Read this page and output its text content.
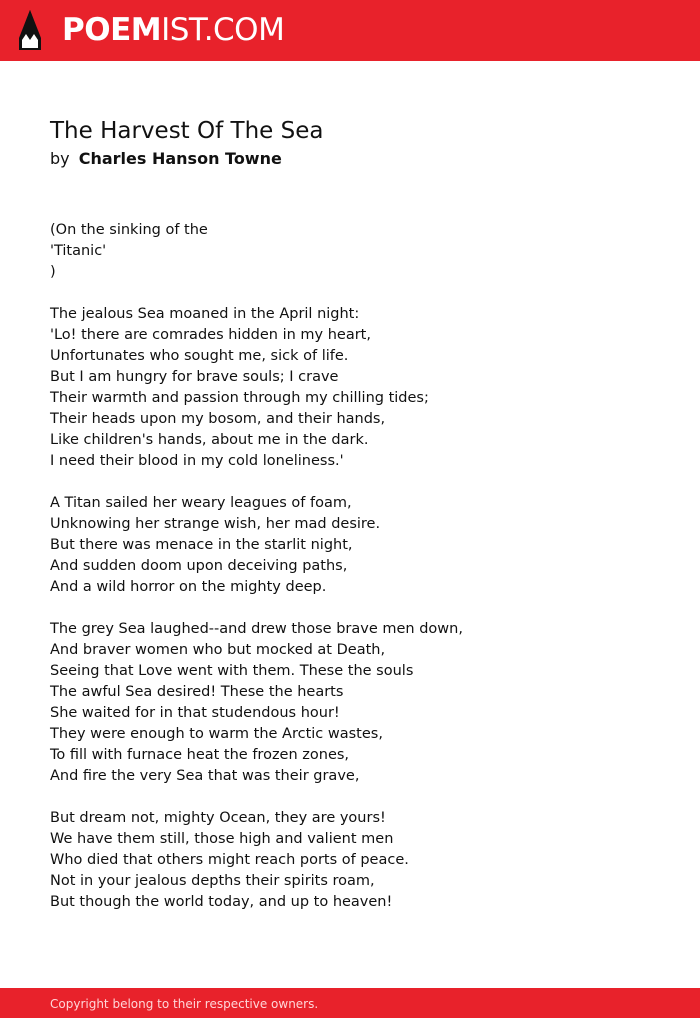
POEMIST.COM
The Harvest Of The Sea
by Charles Hanson Towne
(On the sinking of the
'Titanic'
)
The jealous Sea moaned in the April night:
'Lo! there are comrades hidden in my heart,
Unfortunates who sought me, sick of life.
But I am hungry for brave souls; I crave
Their warmth and passion through my chilling tides;
Their heads upon my bosom, and their hands,
Like children's hands, about me in the dark.
I need their blood in my cold loneliness.'
A Titan sailed her weary leagues of foam,
Unknowing her strange wish, her mad desire.
But there was menace in the starlit night,
And sudden doom upon deceiving paths,
And a wild horror on the mighty deep.
The grey Sea laughed--and drew those brave men down,
And braver women who but mocked at Death,
Seeing that Love went with them. These the souls
The awful Sea desired! These the hearts
She waited for in that studendous hour!
They were enough to warm the Arctic wastes,
To fill with furnace heat the frozen zones,
And fire the very Sea that was their grave,
But dream not, mighty Ocean, they are yours!
We have them still, those high and valient men
Who died that others might reach ports of peace.
Not in your jealous depths their spirits roam,
But though the world today, and up to heaven!
Copyright belong to their respective owners.
